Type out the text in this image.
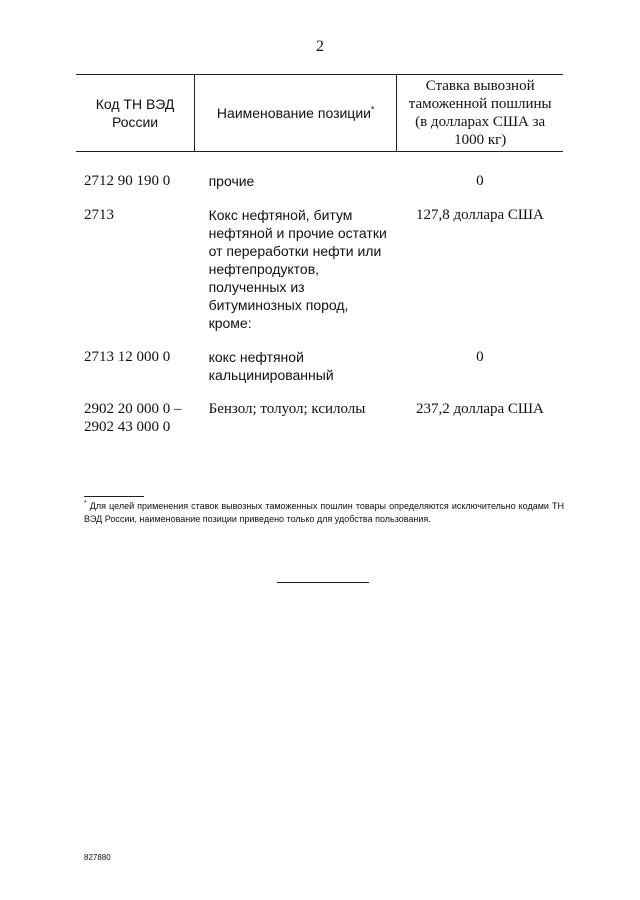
2
Код ТН ВЭД России	Наименование позиции*	Ставка вывозной таможенной пошлины (в долларах США за 1000 кг)
2712 90 190 0	прочие	0
2713	Кокс нефтяной, битум нефтяной и прочие остатки от переработки нефти или нефтепродуктов, полученных из битуминозных пород, кроме:	127,8 доллара США
2713 12 000 0	кокс нефтяной кальцинированный	0
2902 20 000 0 – 2902 43 000 0	Бензол; толуол; ксилолы	237,2 доллара США
* Для целей применения ставок вывозных таможенных пошлин товары определяются исключительно кодами ТН ВЭД России, наименование позиции приведено только для удобства пользования.
827880
